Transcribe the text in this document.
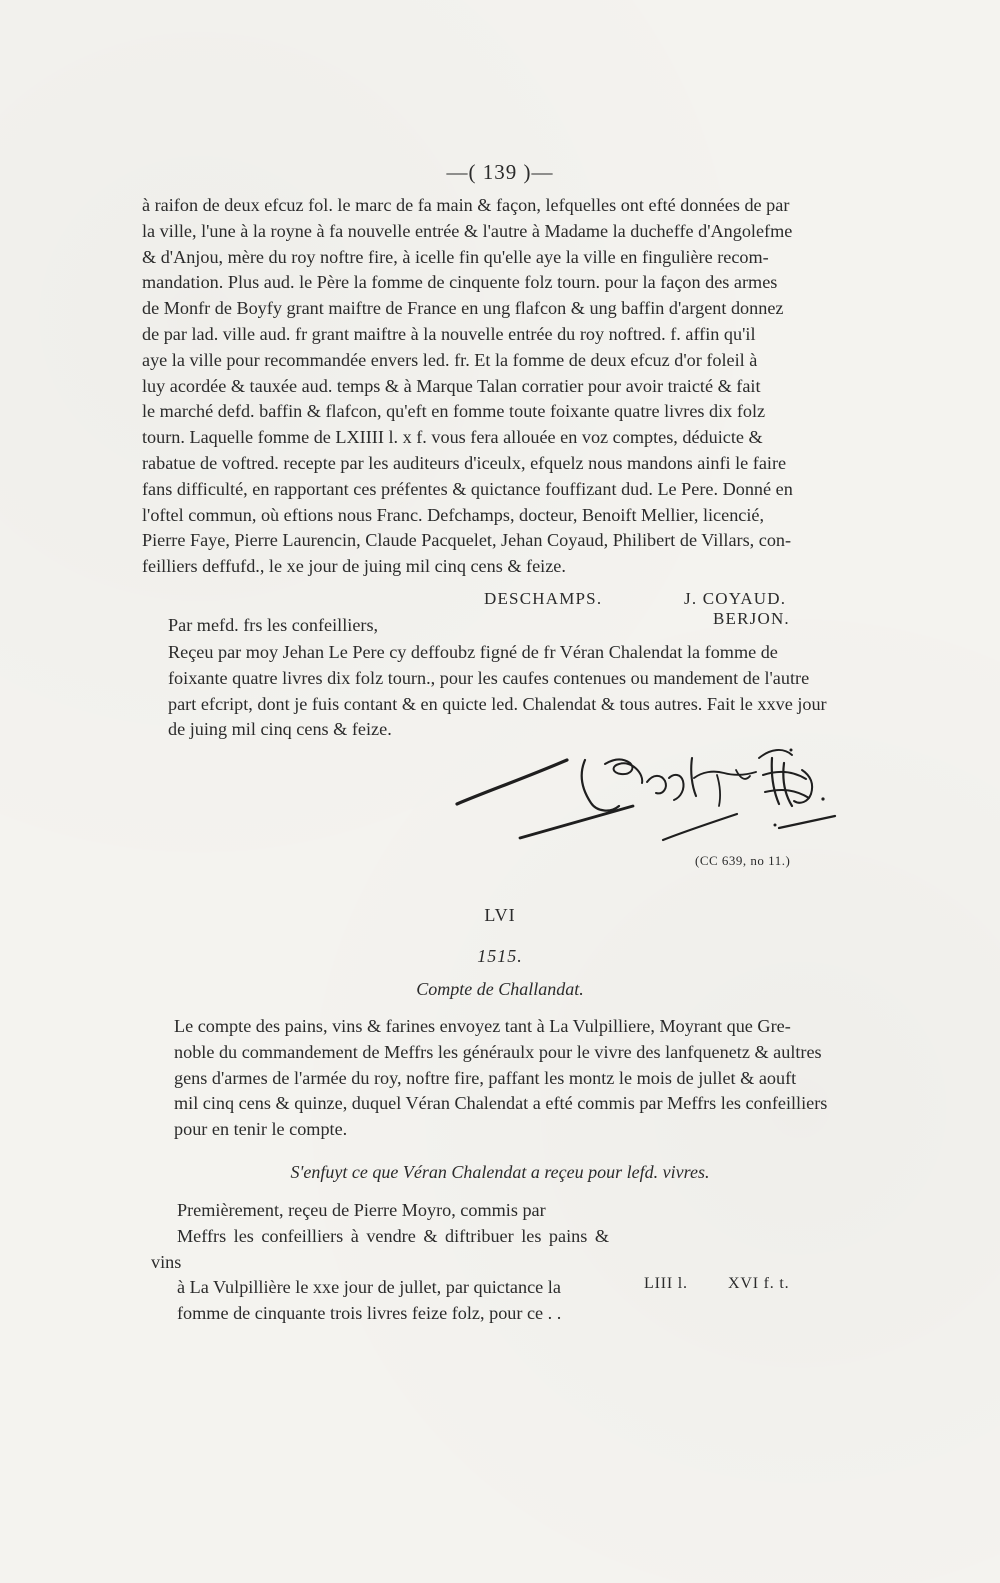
—( 139 )—
à raifon de deux efcuz fol. le marc de fa main & façon, lefquelles ont efté données de par
la ville, l'une à la royne à fa nouvelle entrée & l'autre à Madame la ducheffe d'Angolefme
& d'Anjou, mère du roy noftre fire, à icelle fin qu'elle aye la ville en fingulière recom-
mandation. Plus aud. le Père la fomme de cinquente folz tourn. pour la façon des armes
de Monfr de Boyfy grant maiftre de France en ung flafcon & ung baffin d'argent donnez
de par lad. ville aud. fr grant maiftre à la nouvelle entrée du roy noftred. f. affin qu'il
aye la ville pour recommandée envers led. fr. Et la fomme de deux efcuz d'or foleil à
luy acordée & tauxée aud. temps & à Marque Talan corratier pour avoir traicté & fait
le marché defd. baffin & flafcon, qu'eft en fomme toute foixante quatre livres dix folz
tourn. Laquelle fomme de LXIIII l. x f. vous fera allouée en voz comptes, déduicte &
rabatue de voftred. recepte par les auditeurs d'iceulx, efquelz nous mandons ainfi le faire
fans difficulté, en rapportant ces préfentes & quictance fouffizant dud. Le Pere. Donné en
l'oftel commun, où eftions nous Franc. Defchamps, docteur, Benoift Mellier, licencié,
Pierre Faye, Pierre Laurencin, Claude Pacquelet, Jehan Coyaud, Philibert de Villars, con-
feilliers deffufd., le xe jour de juing mil cinq cens & feize.
DESCHAMPS.	J. COYAUD.
BERJON.
Par mefd. frs les confeilliers,
Reçeu par moy Jehan Le Pere cy deffoubz figné de fr Véran Chalendat la fomme de
foixante quatre livres dix folz tourn., pour les caufes contenues ou mandement de l'autre
part efcript, dont je fuis contant & en quicte led. Chalendat & tous autres. Fait le xxve jour
de juing mil cinq cens & feize.
(CC 639, no 11.)
LVI
1515.
Compte de Challandat.
Le compte des pains, vins & farines envoyez tant à La Vulpilliere, Moyrant que Gre-
noble du commandement de Meffrs les généraulx pour le vivre des lanfquenetz & aultres
gens d'armes de l'armée du roy, noftre fire, paffant les montz le mois de jullet & aouft
mil cinq cens & quinze, duquel Véran Chalendat a efté commis par Meffrs les confeilliers
pour en tenir le compte.
S'enfuyt ce que Véran Chalendat a reçeu pour lefd. vivres.
Premièrement, reçeu de Pierre Moyro, commis par
Meffrs les confeilliers à vendre & diftribuer les pains & vins
à La Vulpillière le xxe jour de jullet, par quictance la
fomme de cinquante trois livres feize folz, pour ce . .
LIII l.	XVI f. t.
